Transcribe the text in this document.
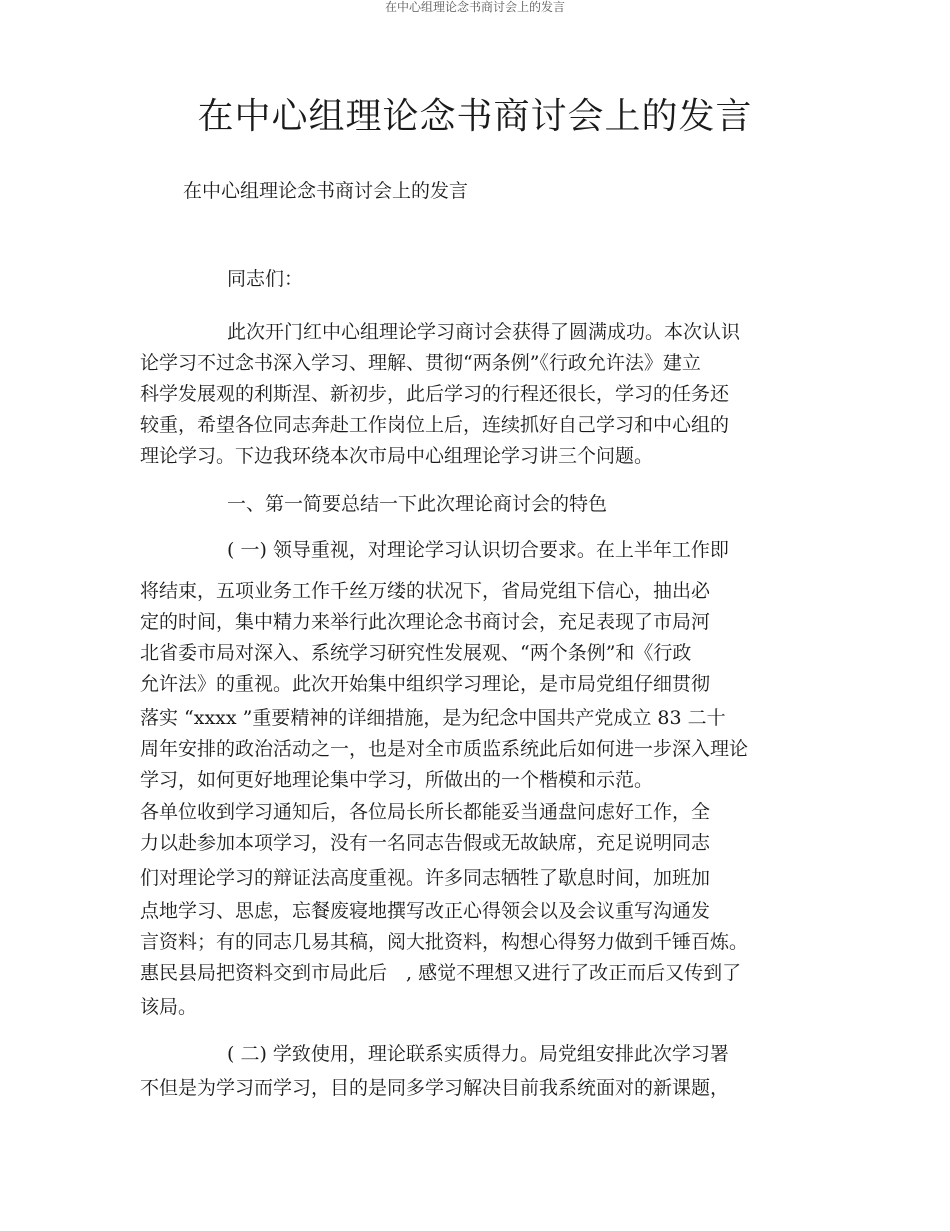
在中心组理论念书商讨会上的发言
在中心组理论念书商讨会上的发言
在中心组理论念书商讨会上的发言
同志们：
此次开门红中心组理论学习商讨会获得了圆满成功。本次认识
论学习不过念书深入学习、理解、贯彻“两条例”《行政允许法》建立
科学发展观的利斯涅、新初步，此后学习的行程还很长，学习的任务还
较重，希望各位同志奔赴工作岗位上后，连续抓好自己学习和中心组的
理论学习。下边我环绕本次市局中心组理论学习讲三个问题。
一、第一简要总结一下此次理论商讨会的特色
( 一) 领导重视，对理论学习认识切合要求。在上半年工作即
将结束，五项业务工作千丝万缕的状况下，省局党组下信心，抽出必
定的时间，集中精力来举行此次理论念书商讨会，充足表现了市局河
北省委市局对深入、系统学习研究性发展观、“两个条例”和《行政
允许法》的重视。此次开始集中组织学习理论，是市局党组仔细贯彻
落实 “xxxx ”重要精神的详细措施，是为纪念中国共产党成立 83 二十
周年安排的政治活动之一，也是对全市质监系统此后如何进一步深入理论
学习，如何更好地理论集中学习，所做出的一个楷模和示范。
各单位收到学习通知后，各位局长所长都能妥当通盘问虑好工作，全
力以赴参加本项学习，没有一名同志告假或无故缺席，充足说明同志
们对理论学习的辩证法高度重视。许多同志牺牲了歇息时间，加班加
点地学习、思虑，忘餐废寝地撰写改正心得领会以及会议重写沟通发
言资料；有的同志几易其稿，阅大批资料，构想心得努力做到千锤百炼。
惠民县局把资料交到市局此后　, 感觉不理想又进行了改正而后又传到了
该局。
( 二) 学致使用，理论联系实质得力。局党组安排此次学习署
不但是为学习而学习，目的是同多学习解决目前我系统面对的新课题，
